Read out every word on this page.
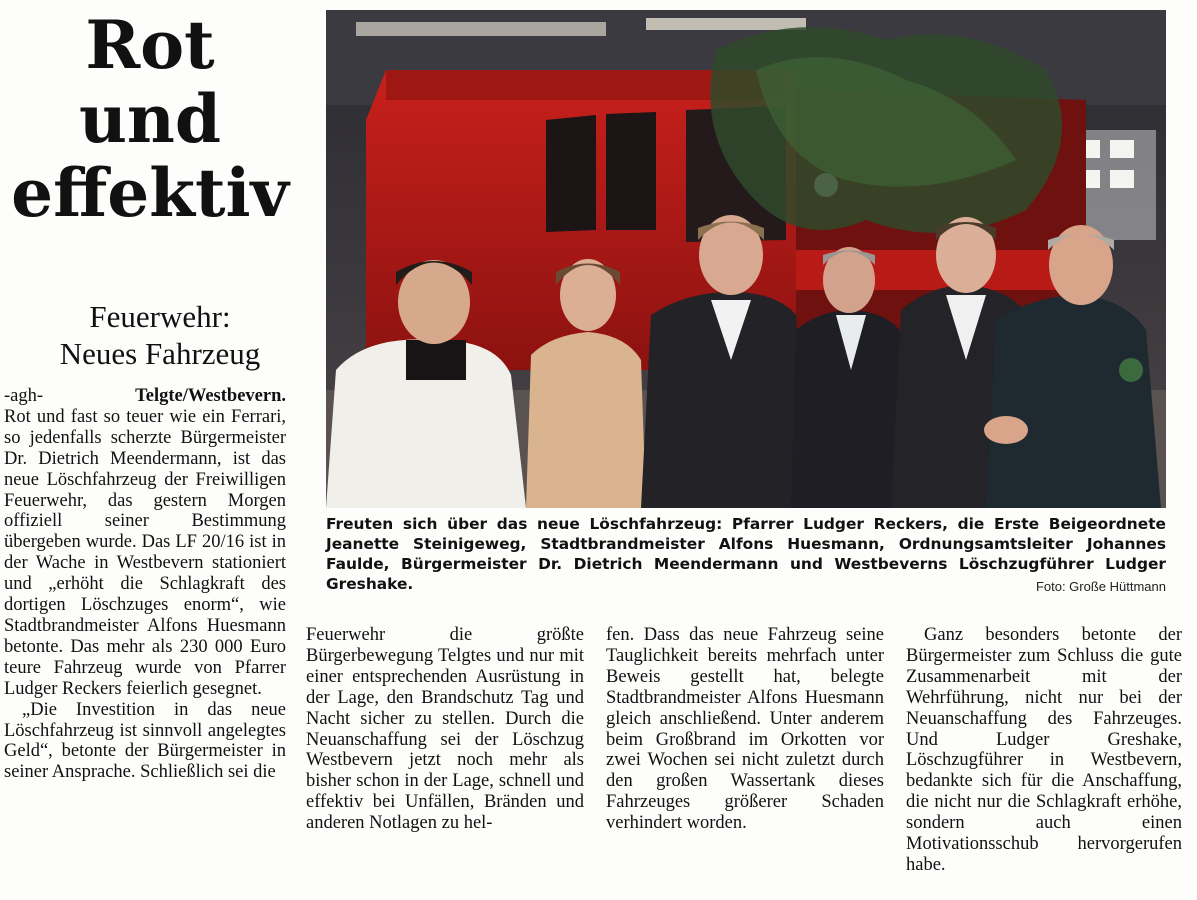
Rot
und
effektiv
Feuerwehr:
Neues Fahrzeug
Freuten sich über das neue Löschfahrzeug: Pfarrer Ludger Reckers, die Erste Beigeordnete Jeanette Steinigeweg, Stadtbrandmeister Alfons Huesmann, Ordnungsamtsleiter Johannes Faulde, Bürgermeister Dr. Dietrich Meendermann und Westbeverns Löschzugführer Ludger Greshake.	Foto: Große Hüttmann
-agh-	Telgte/Westbevern.

Rot und fast so teuer wie ein Ferrari, so jedenfalls scherzte Bürgermeister Dr. Dietrich Meendermann, ist das neue Löschfahrzeug der Freiwilligen Feuerwehr, das gestern Morgen offiziell seiner Bestimmung übergeben wurde. Das LF 20/16 ist in der Wache in Westbevern stationiert und „erhöht die Schlagkraft des dortigen Löschzuges enorm“, wie Stadtbrandmeister Alfons Huesmann betonte. Das mehr als 230 000 Euro teure Fahrzeug wurde von Pfarrer Ludger Reckers feierlich gesegnet.

„Die Investition in das neue Löschfahrzeug ist sinnvoll angelegtes Geld“, betonte der Bürgermeister in seiner Ansprache. Schließlich sei die

Feuerwehr die größte Bürgerbewegung Telgtes und nur mit einer entsprechenden Ausrüstung in der Lage, den Brandschutz Tag und Nacht sicher zu stellen. Durch die Neuanschaffung sei der Löschzug Westbevern jetzt noch mehr als bisher schon in der Lage, schnell und effektiv bei Unfällen, Bränden und anderen Notlagen zu hel-

fen. Dass das neue Fahrzeug seine Tauglichkeit bereits mehrfach unter Beweis gestellt hat, belegte Stadtbrandmeister Alfons Huesmann gleich anschließend. Unter anderem beim Großbrand im Orkotten vor zwei Wochen sei nicht zuletzt durch den großen Wassertank dieses Fahrzeuges größerer Schaden verhindert worden.

Ganz besonders betonte der Bürgermeister zum Schluss die gute Zusammenarbeit mit der Wehrführung, nicht nur bei der Neuanschaffung des Fahrzeuges. Und Ludger Greshake, Löschzugführer in Westbevern, bedankte sich für die Anschaffung, die nicht nur die Schlagkraft erhöhe, sondern auch einen Motivationsschub hervorgerufen habe.
